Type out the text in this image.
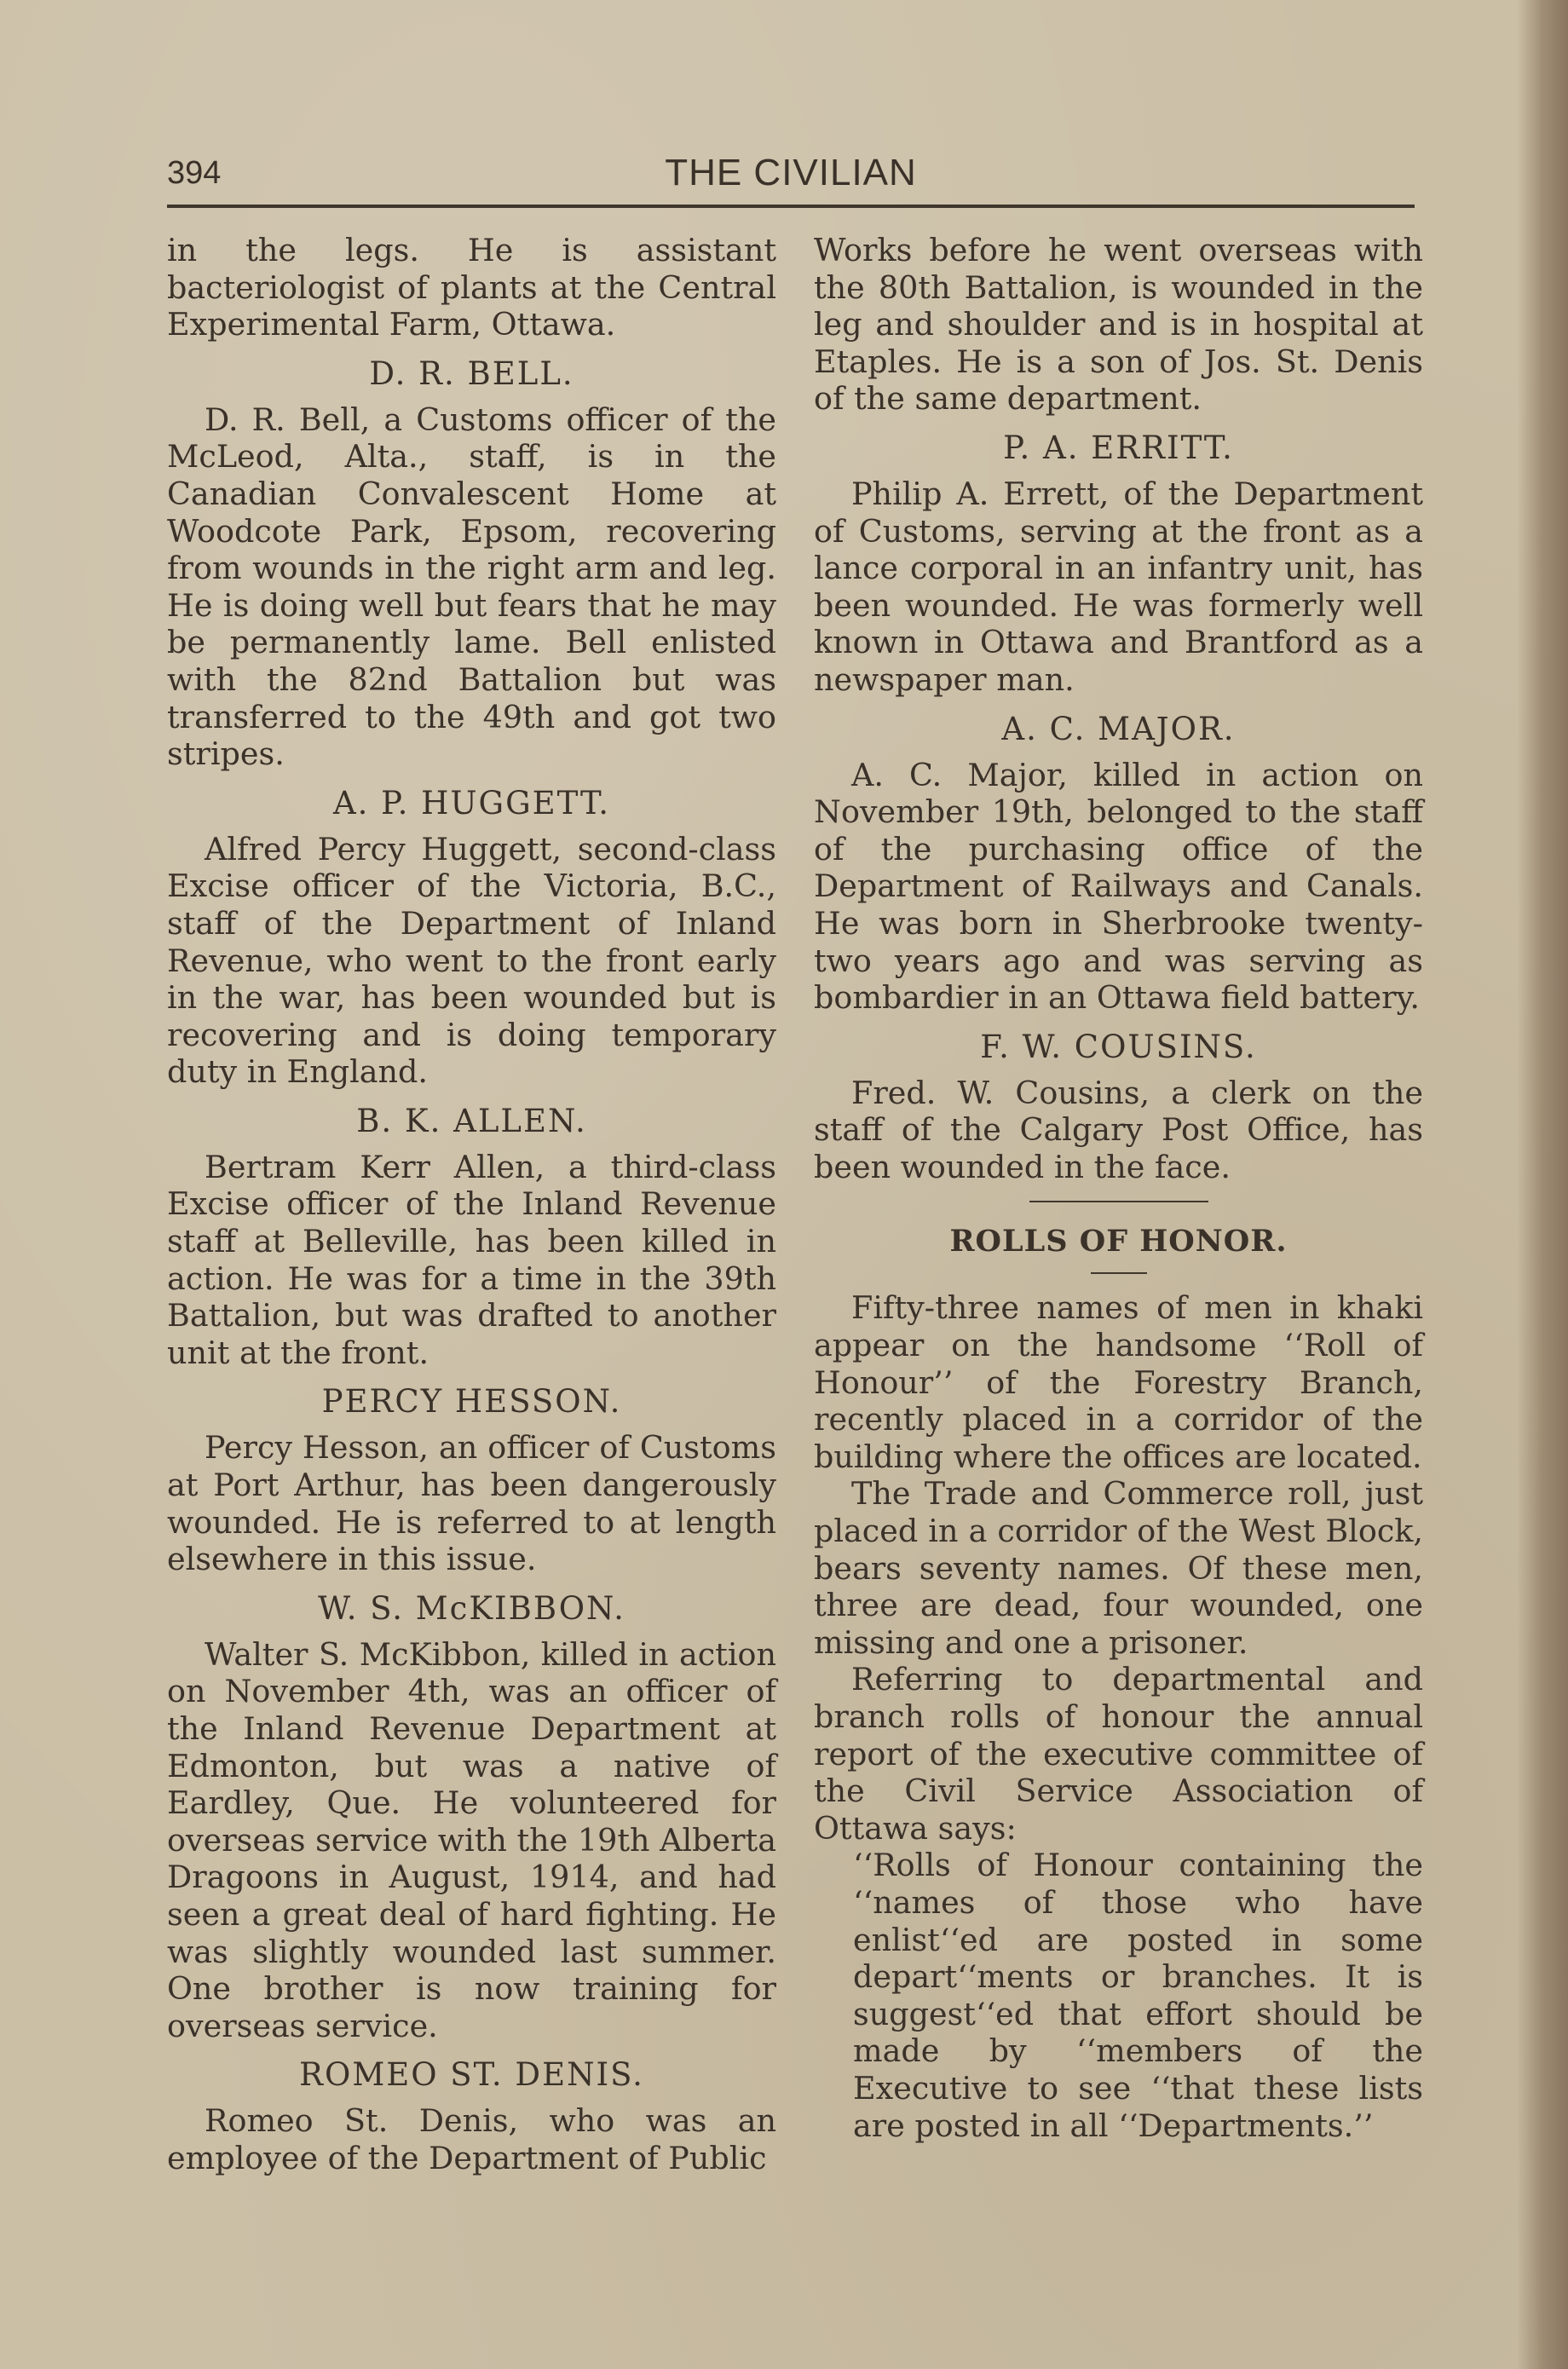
394	THE CIVILIAN

in the legs. He is assistant bacteriologist of plants at the Central Experimental Farm, Ottawa.

D. R. BELL.

D. R. Bell, a Customs officer of the McLeod, Alta., staff, is in the Canadian Convalescent Home at Woodcote Park, Epsom, recovering from wounds in the right arm and leg. He is doing well but fears that he may be permanently lame. Bell enlisted with the 82nd Battalion but was transferred to the 49th and got two stripes.

A. P. HUGGETT.

Alfred Percy Huggett, second-class Excise officer of the Victoria, B.C., staff of the Department of Inland Revenue, who went to the front early in the war, has been wounded but is recovering and is doing temporary duty in England.

B. K. ALLEN.

Bertram Kerr Allen, a third-class Excise officer of the Inland Revenue staff at Belleville, has been killed in action. He was for a time in the 39th Battalion, but was drafted to another unit at the front.

PERCY HESSON.

Percy Hesson, an officer of Customs at Port Arthur, has been dangerously wounded. He is referred to at length elsewhere in this issue.

W. S. McKIBBON.

Walter S. McKibbon, killed in action on November 4th, was an officer of the Inland Revenue Department at Edmonton, but was a native of Eardley, Que. He volunteered for overseas service with the 19th Alberta Dragoons in August, 1914, and had seen a great deal of hard fighting. He was slightly wounded last summer. One brother is now training for overseas service.

ROMEO ST. DENIS.

Romeo St. Denis, who was an employee of the Department of Public

Works before he went overseas with the 80th Battalion, is wounded in the leg and shoulder and is in hospital at Etaples. He is a son of Jos. St. Denis of the same department.

P. A. ERRITT.

Philip A. Errett, of the Department of Customs, serving at the front as a lance corporal in an infantry unit, has been wounded. He was formerly well known in Ottawa and Brantford as a newspaper man.

A. C. MAJOR.

A. C. Major, killed in action on November 19th, belonged to the staff of the purchasing office of the Department of Railways and Canals. He was born in Sherbrooke twenty-two years ago and was serving as bombardier in an Ottawa field battery.

F. W. COUSINS.

Fred. W. Cousins, a clerk on the staff of the Calgary Post Office, has been wounded in the face.

ROLLS OF HONOR.

Fifty-three names of men in khaki appear on the handsome ‘‘Roll of Honour’’ of the Forestry Branch, recently placed in a corridor of the building where the offices are located.

The Trade and Commerce roll, just placed in a corridor of the West Block, bears seventy names. Of these men, three are dead, four wounded, one missing and one a prisoner.

Referring to departmental and branch rolls of honour the annual report of the executive committee of the Civil Service Association of Ottawa says:

‘‘Rolls of Honour containing the ‘‘names of those who have enlist‘‘ed are posted in some depart‘‘ments or branches. It is suggest‘‘ed that effort should be made by ‘‘members of the Executive to see ‘‘that these lists are posted in all ‘‘Departments.’’
